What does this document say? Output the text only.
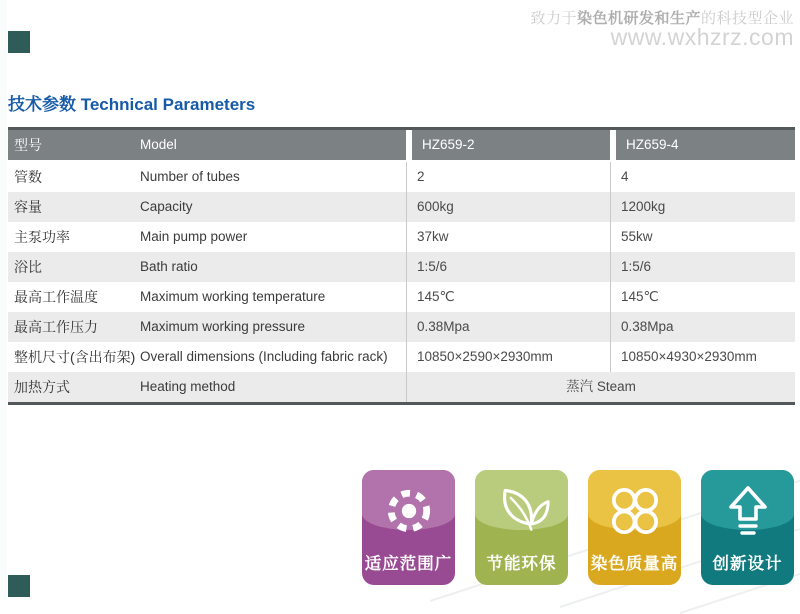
致力于染色机研发和生产的科技型企业
www.wxhzrz.com
技术参数 Technical Parameters
型号	Model	HZ659-2	HZ659-4
管数	Number of tubes	2	4
容量	Capacity	600kg	1200kg
主泵功率	Main pump power	37kw	55kw
浴比	Bath ratio	1:5/6	1:5/6
最高工作温度	Maximum working temperature	145℃	145℃
最高工作压力	Maximum working pressure	0.38Mpa	0.38Mpa
整机尺寸(含出布架) Overall dimensions (Including fabric rack)	10850×2590×2930mm	10850×4930×2930mm
加热方式	Heating method	蒸汽 Steam
适应范围广 节能环保 染色质量高 创新设计
